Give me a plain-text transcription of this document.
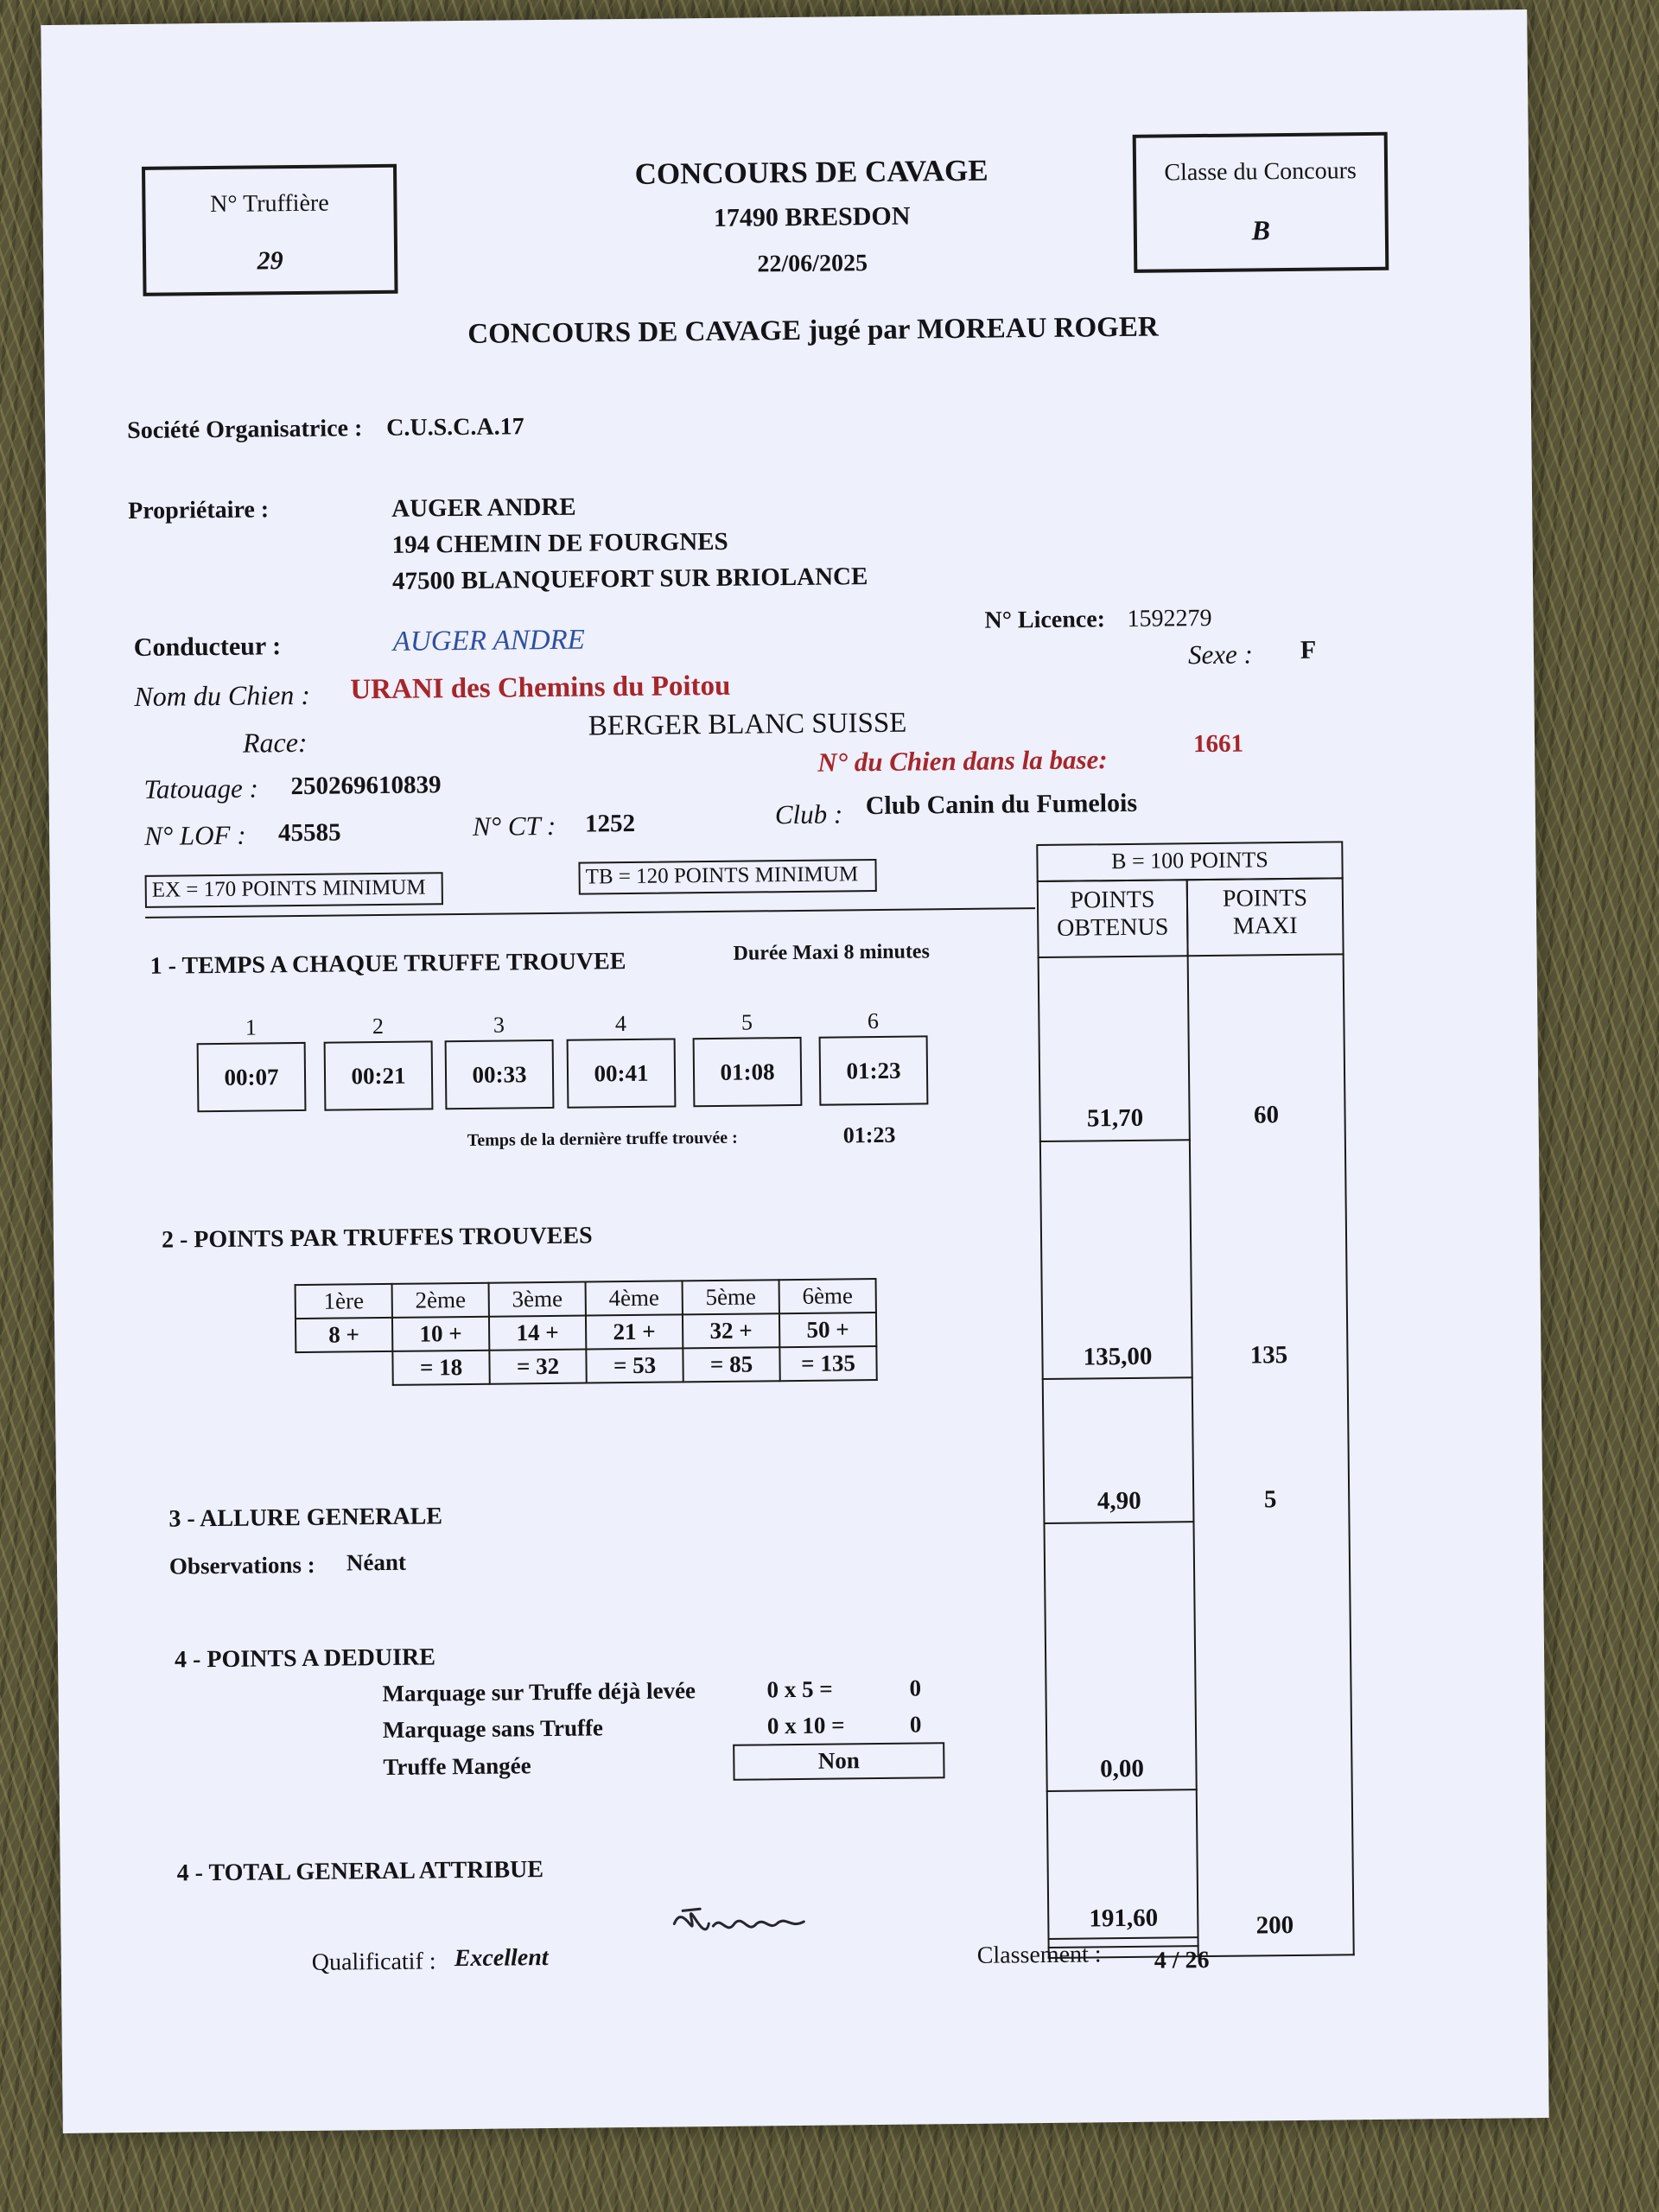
N° Truffière
29
CONCOURS DE CAVAGE
17490 BRESDON
22/06/2025
Classe du Concours
B
CONCOURS DE CAVAGE jugé par MOREAU ROGER
Société Organisatrice : C.U.S.C.A.17
Propriétaire :	AUGER ANDRE
194 CHEMIN DE FOURGNES
47500 BLANQUEFORT SUR BRIOLANCE
Conducteur :	AUGER ANDRE
N° Licence: 1592279
Sexe : F
Nom du Chien : URANI des Chemins du Poitou
Race:
BERGER BLANC SUISSE
N° du Chien dans la base:
1661
Tatouage : 250269610839
N° LOF : 45585	N° CT : 1252	Club : Club Canin du Fumelois
EX = 170 POINTS MINIMUM
TB = 120 POINTS MINIMUM
B = 100 POINTS
POINTS OBTENUS
POINTS MAXI
51,70	60
135,00	135
4,90	5
0,00
191,60	200
1 - TEMPS A CHAQUE TRUFFE TROUVEE	Durée Maxi 8 minutes
1	2	3	4	5	6
00:07	00:21	00:33	00:41	01:08	01:23
Temps de la dernière truffe trouvée :	01:23
2 - POINTS PAR TRUFFES TROUVEES
1ère	2ème	3ème	4ème	5ème	6ème
8 +	10 +	14 +	21 +	32 +	50 +
	= 18	= 32	= 53	= 85	= 135
3 - ALLURE GENERALE
Observations : Néant
4 - POINTS A DEDUIRE
Marquage sur Truffe déjà levée	0 x 5 =	0
Marquage sans Truffe	0 x 10 =	0
Truffe Mangée	Non
4 - TOTAL GENERAL ATTRIBUE
Qualificatif : Excellent	Classement : 4 / 26
